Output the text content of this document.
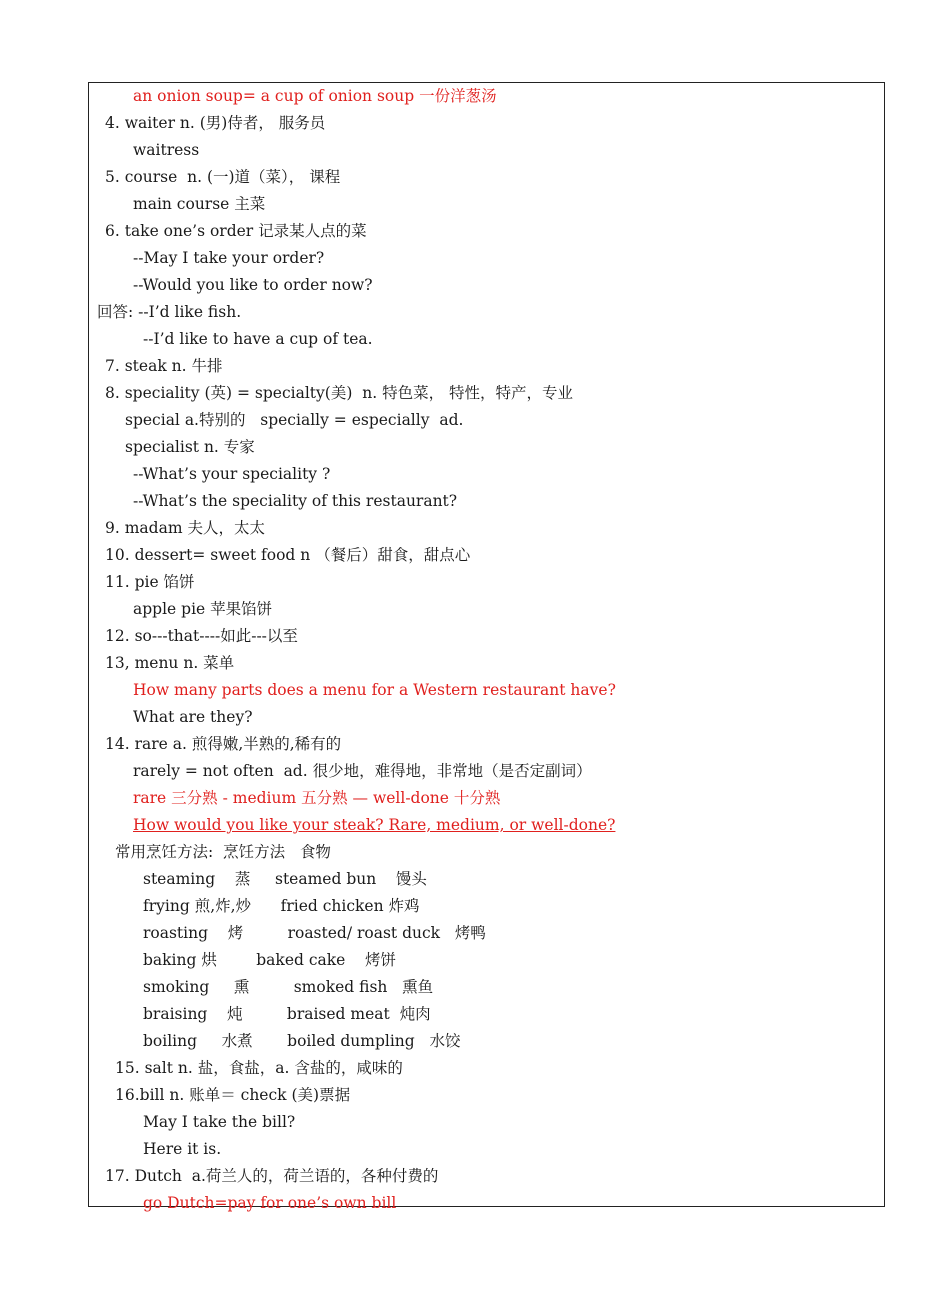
an onion soup= a cup of onion soup 一份洋葱汤
4. waiter n. (男)侍者， 服务员
waitress
5. course  n. (一)道（菜）， 课程
main course 主菜
6. take one’s order 记录某人点的菜
--May I take your order?
--Would you like to order now?
回答: --I’d like fish.
--I’d like to have a cup of tea.
7. steak n. 牛排
8. speciality (英) = specialty(美)  n. 特色菜， 特性，特产，专业
special a.特别的   specially = especially  ad.
specialist n. 专家
--What’s your speciality ?
--What’s the speciality of this restaurant?
9. madam 夫人，太太
10. dessert= sweet food n （餐后）甜食，甜点心
11. pie 馅饼
apple pie 苹果馅饼
12. so---that----如此---以至
13, menu n. 菜单
How many parts does a menu for a Western restaurant have?
What are they?
14. rare a. 煎得嫩,半熟的,稀有的
rarely = not often  ad. 很少地，难得地，非常地（是否定副词）
rare 三分熟 - medium 五分熟 — well-done 十分熟
How would you like your steak? Rare, medium, or well-done?
常用烹饪方法:  烹饪方法   食物
steaming    蒸     steamed bun    馒头
frying 煎,炸,炒      fried chicken 炸鸡
roasting    烤         roasted/ roast duck   烤鸭
baking 烘        baked cake    烤饼
smoking     熏         smoked fish   熏鱼
braising    炖         braised meat  炖肉
boiling     水煮       boiled dumpling   水饺
15. salt n. 盐，食盐，a. 含盐的，咸味的
16.bill n. 账单＝ check (美)票据
May I take the bill?
Here it is.
17. Dutch  a.荷兰人的，荷兰语的，各种付费的
go Dutch=pay for one’s own bill
